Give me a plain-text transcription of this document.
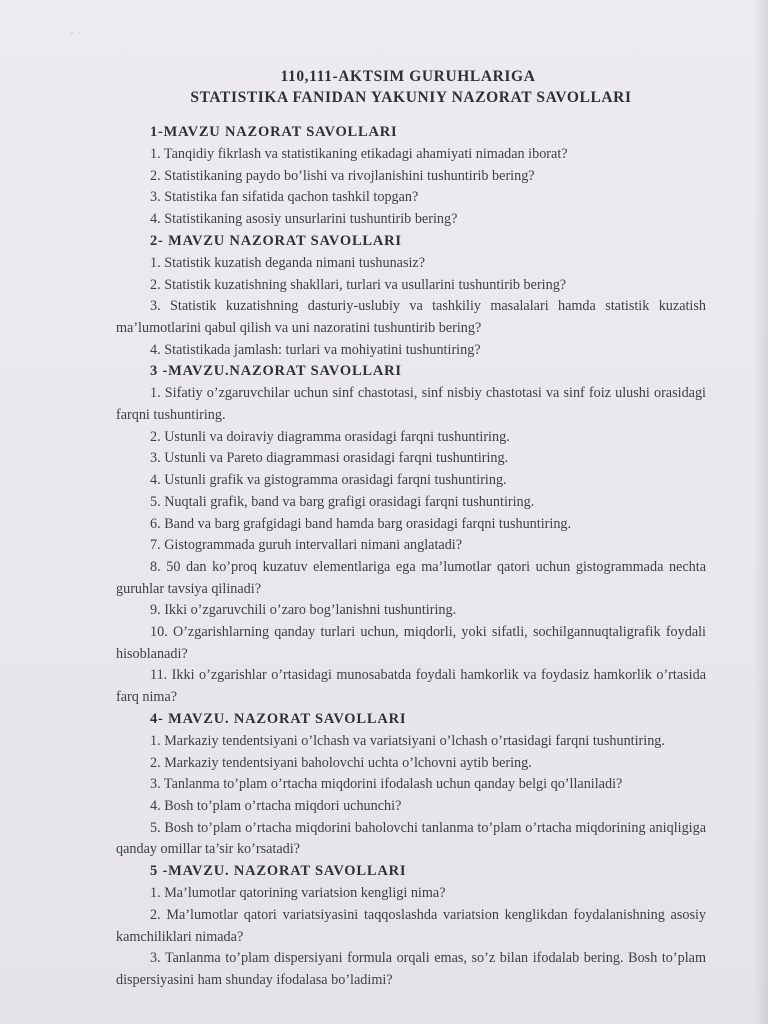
⌐ ·
110,111-AKTSIM GURUHLARIGA
STATISTIKA FANIDAN YAKUNIY NAZORAT SAVOLLARI
1-MAVZU NAZORAT SAVOLLARI

1. Tanqidiy fikrlash va statistikaning etikadagi ahamiyati nimadan iborat?

2. Statistikaning paydo bo’lishi va rivojlanishini tushuntirib bering?

3. Statistika fan sifatida qachon tashkil topgan?

4. Statistikaning asosiy unsurlarini tushuntirib bering?

2- MAVZU NAZORAT SAVOLLARI

1. Statistik kuzatish deganda nimani tushunasiz?

2. Statistik kuzatishning shakllari, turlari va usullarini tushuntirib bering?

3. Statistik kuzatishning dasturiy-uslubiy va tashkiliy masalalari hamda statistik kuzatish ma’lumotlarini qabul qilish va uni nazoratini tushuntirib bering?

4. Statistikada jamlash: turlari va mohiyatini tushuntiring?

3 -MAVZU.NAZORAT SAVOLLARI

1. Sifatiy o’zgaruvchilar uchun sinf chastotasi, sinf nisbiy chastotasi va sinf foiz ulushi orasidagi farqni tushuntiring.

2. Ustunli va doiraviy diagramma orasidagi farqni tushuntiring.

3. Ustunli va Pareto diagrammasi orasidagi farqni tushuntiring.

4. Ustunli grafik va gistogramma orasidagi farqni tushuntiring.

5. Nuqtali grafik, band va barg grafigi orasidagi farqni tushuntiring.

6. Band va barg grafgidagi band hamda barg orasidagi farqni tushuntiring.

7. Gistogrammada guruh intervallari nimani anglatadi?

8. 50 dan ko’proq kuzatuv elementlariga ega ma’lumotlar qatori uchun gistogrammada nechta guruhlar tavsiya qilinadi?

9. Ikki o’zgaruvchili o’zaro bog’lanishni tushuntiring.

10. O’zgarishlarning qanday turlari uchun, miqdorli, yoki sifatli, sochilgannuqtaligrafik foydali hisoblanadi?

11. Ikki o’zgarishlar o’rtasidagi munosabatda foydali hamkorlik va foydasiz hamkorlik o’rtasida farq nima?

4- MAVZU. NAZORAT SAVOLLARI

1. Markaziy tendentsiyani o’lchash va variatsiyani o’lchash o’rtasidagi farqni tushuntiring.

2. Markaziy tendentsiyani baholovchi uchta o’lchovni aytib bering.

3. Tanlanma to’plam o’rtacha miqdorini ifodalash uchun qanday belgi qo’llaniladi?

4. Bosh to’plam o’rtacha miqdori uchunchi?

5. Bosh to’plam o’rtacha miqdorini baholovchi tanlanma to’plam o’rtacha miqdorining aniqligiga qanday omillar ta’sir ko’rsatadi?

5 -MAVZU. NAZORAT SAVOLLARI

1. Ma’lumotlar qatorining variatsion kengligi nima?

2. Ma’lumotlar qatori variatsiyasini taqqoslashda variatsion kenglikdan foydalanishning asosiy kamchiliklari nimada?

3. Tanlanma to’plam dispersiyani formula orqali emas, so’z bilan ifodalab bering. Bosh to’plam dispersiyasini ham shunday ifodalasa bo’ladimi?
